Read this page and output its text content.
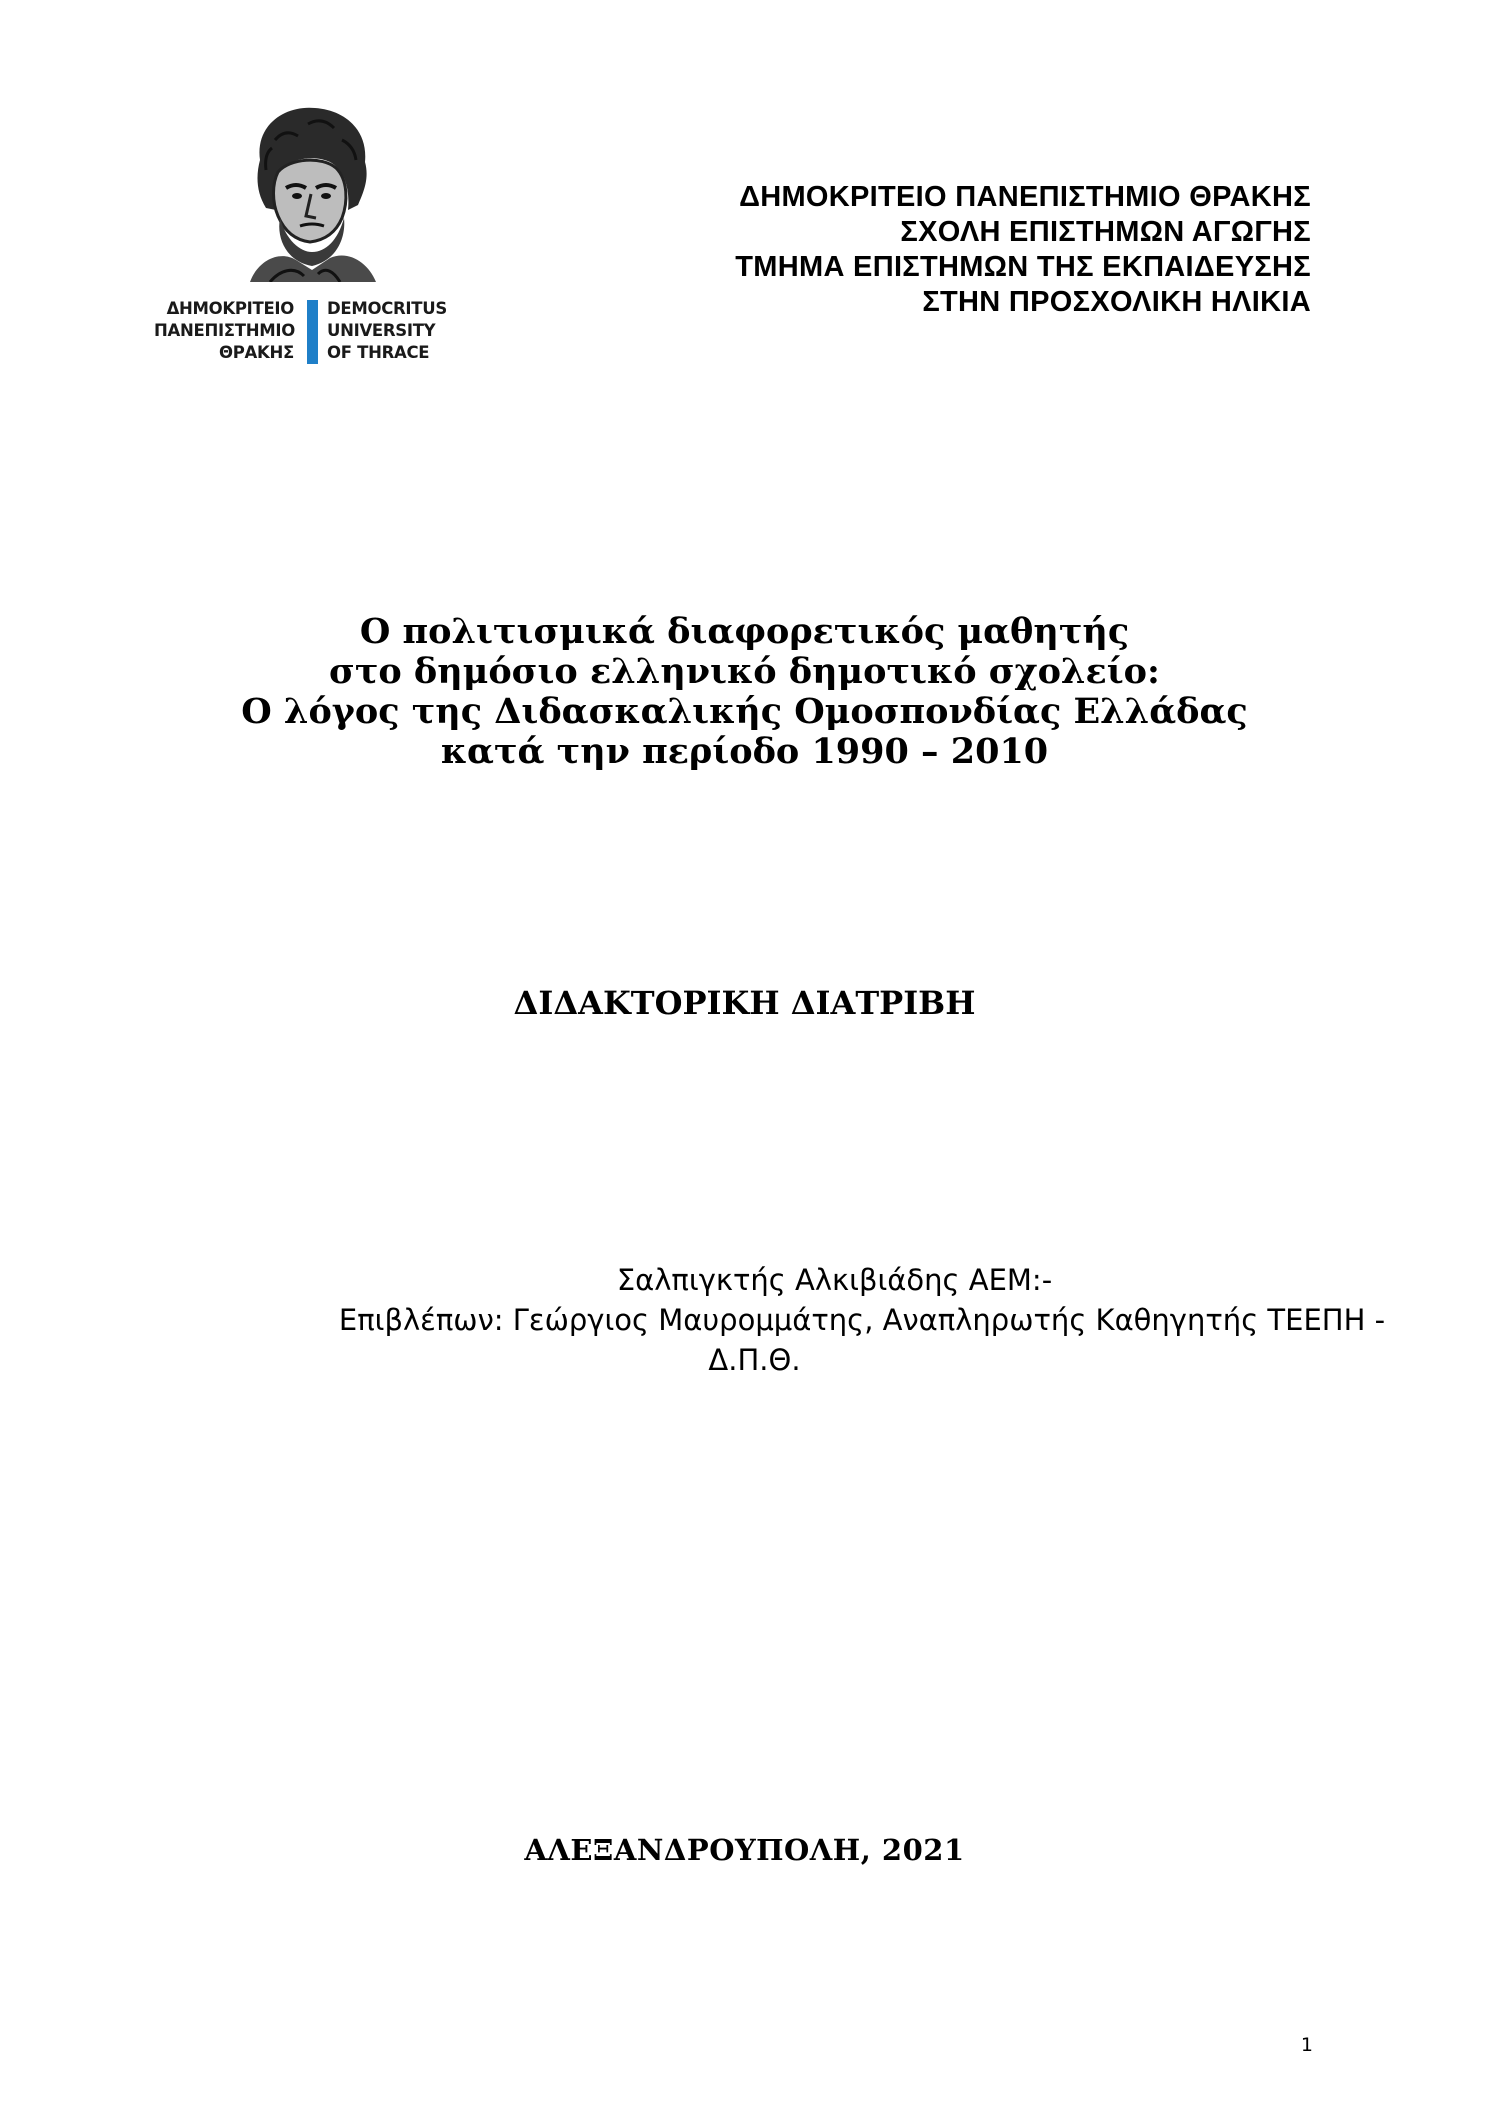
ΔΗΜΟΚΡΙΤΕΙΟ
ΠΑΝΕΠΙΣΤΗΜΙΟ
ΘΡΑΚΗΣ
DEMOCRITUS
UNIVERSITY
OF THRACE
ΔΗΜΟΚΡΙΤΕΙΟ ΠΑΝΕΠΙΣΤΗΜΙΟ ΘΡΑΚΗΣ
ΣΧΟΛΗ ΕΠΙΣΤΗΜΩΝ ΑΓΩΓΗΣ
ΤΜΗΜΑ ΕΠΙΣΤΗΜΩΝ ΤΗΣ ΕΚΠΑΙΔΕΥΣΗΣ
ΣΤΗΝ ΠΡΟΣΧΟΛΙΚΗ ΗΛΙΚΙΑ
Ο πολιτισμικά διαφορετικός μαθητής
στο δημόσιο ελληνικό δημοτικό σχολείο:
Ο λόγος της Διδασκαλικής Ομοσπονδίας Ελλάδας
κατά την περίοδο 1990 – 2010
ΔΙΔΑΚΤΟΡΙΚΗ ΔΙΑΤΡΙΒΗ
Σαλπιγκτής Αλκιβιάδης ΑΕΜ:-
Επιβλέπων: Γεώργιος Μαυρομμάτης, Αναπληρωτής Καθηγητής ΤΕΕΠΗ -
Δ.Π.Θ.
ΑΛΕΞΑΝΔΡΟΥΠΟΛΗ, 2021
1
